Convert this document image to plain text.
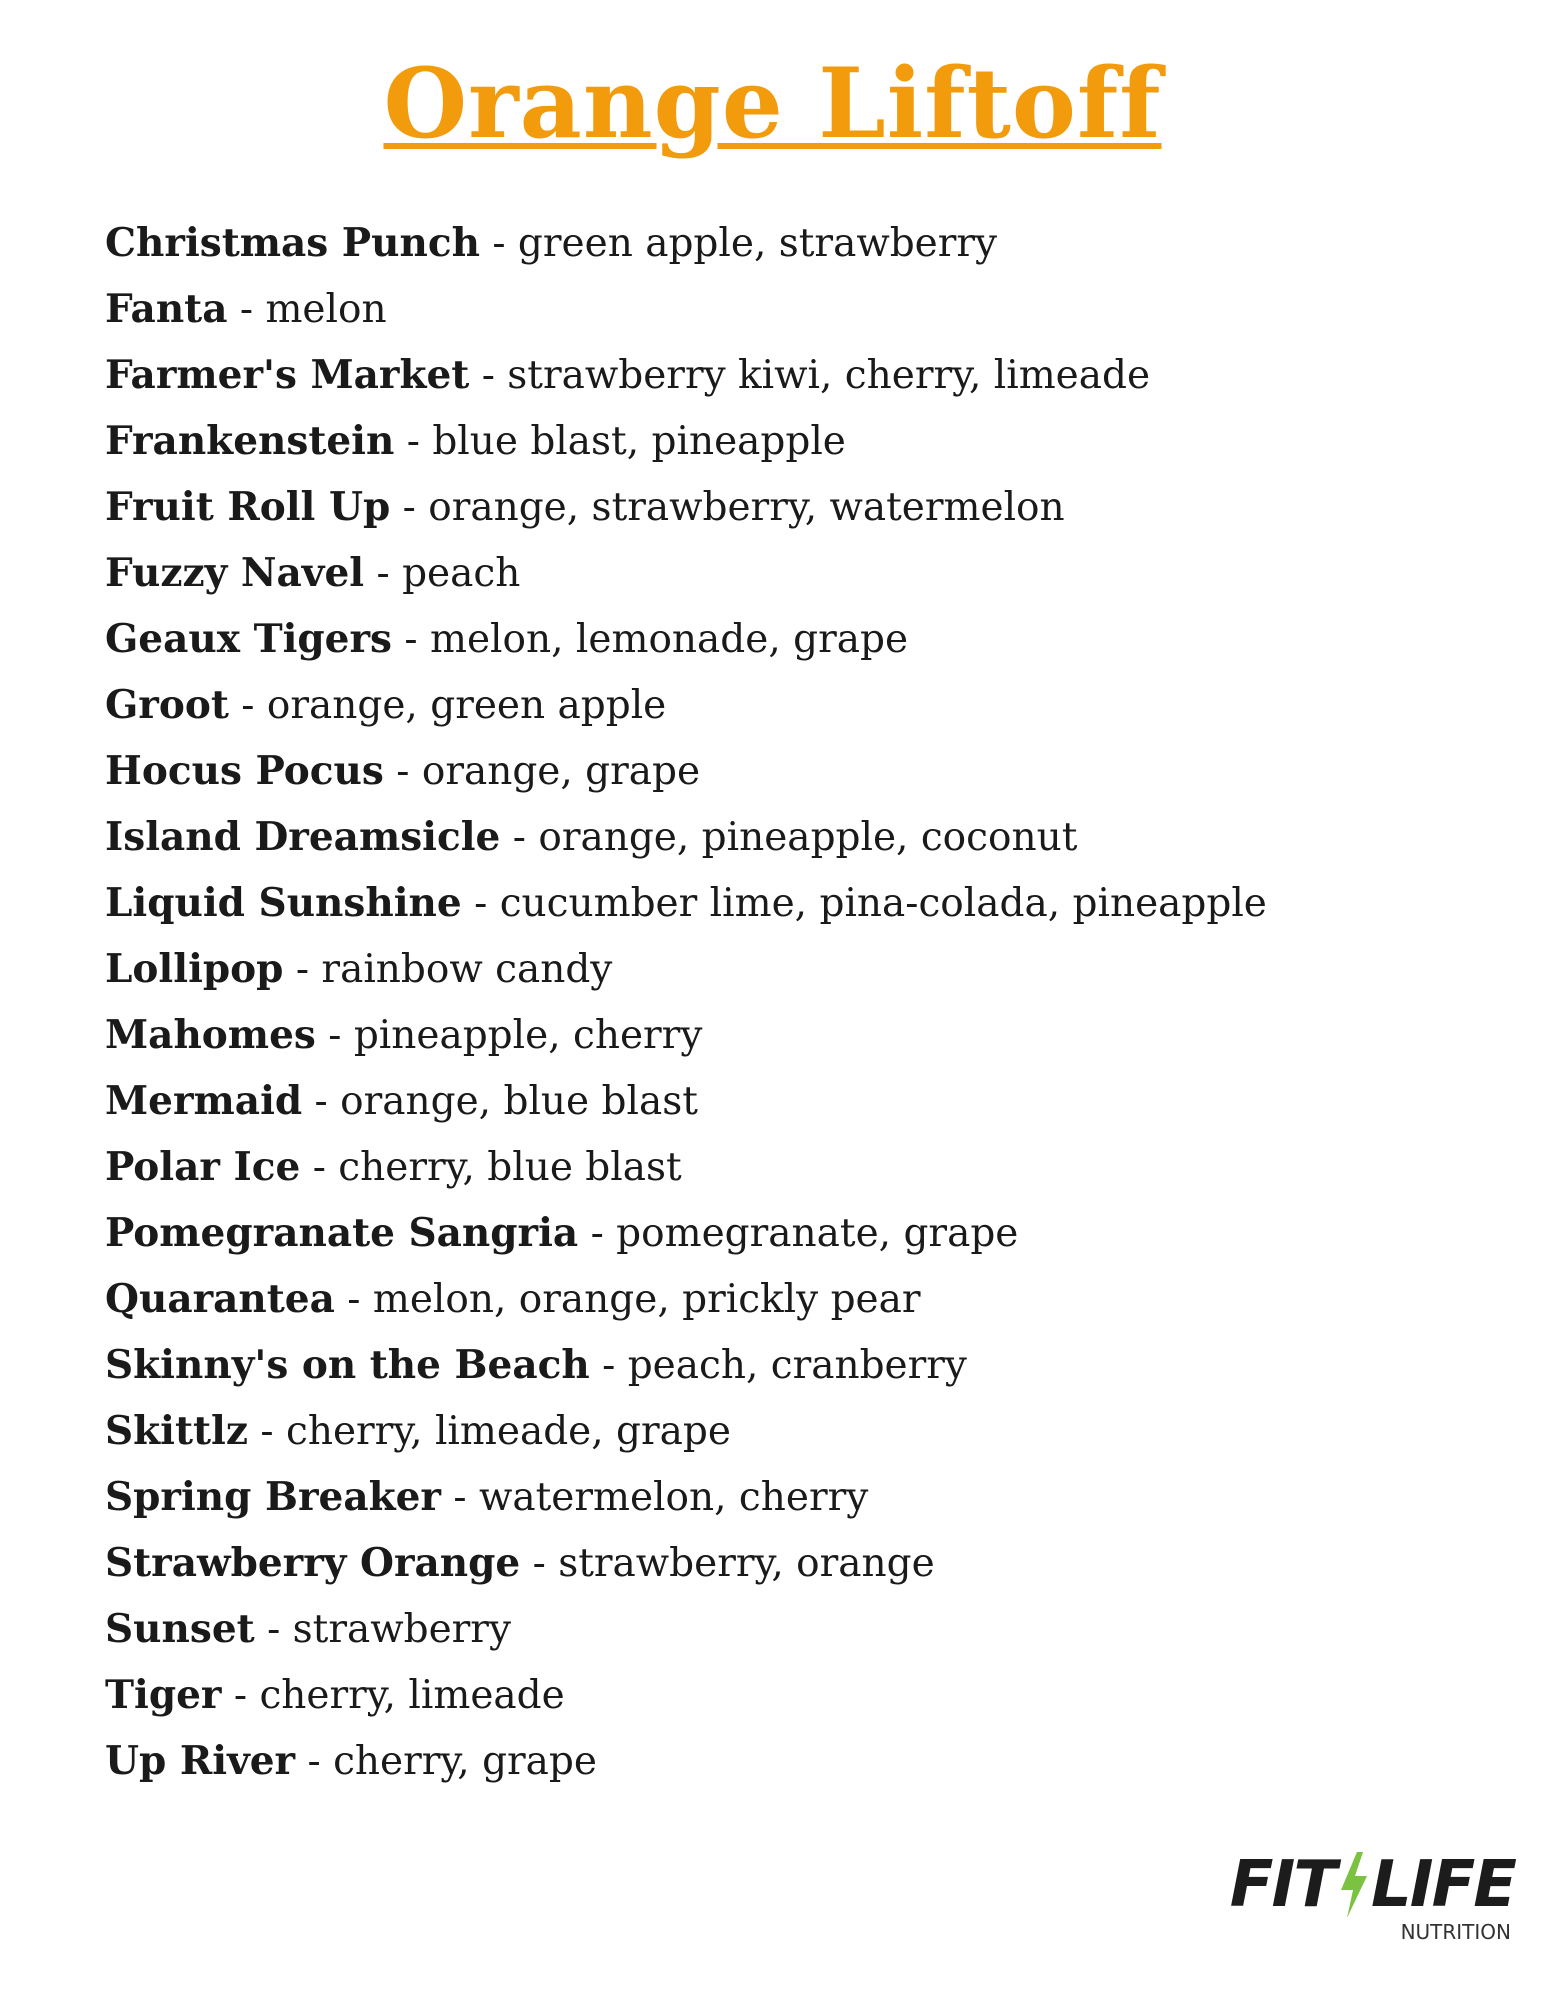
Orange Liftoff
Christmas Punch - green apple, strawberry
Fanta - melon
Farmer's Market - strawberry kiwi, cherry, limeade
Frankenstein - blue blast, pineapple
Fruit Roll Up - orange, strawberry, watermelon
Fuzzy Navel - peach
Geaux Tigers - melon, lemonade, grape
Groot - orange, green apple
Hocus Pocus - orange, grape
Island Dreamsicle - orange, pineapple, coconut
Liquid Sunshine - cucumber lime, pina-colada, pineapple
Lollipop - rainbow candy
Mahomes - pineapple, cherry
Mermaid - orange, blue blast
Polar Ice - cherry, blue blast
Pomegranate Sangria - pomegranate, grape
Quarantea - melon, orange, prickly pear
Skinny's on the Beach - peach, cranberry
Skittlz - cherry, limeade, grape
Spring Breaker - watermelon, cherry
Strawberry Orange - strawberry, orange
Sunset - strawberry
Tiger - cherry, limeade
Up River - cherry, grape
FIT LIFE
NUTRITION
